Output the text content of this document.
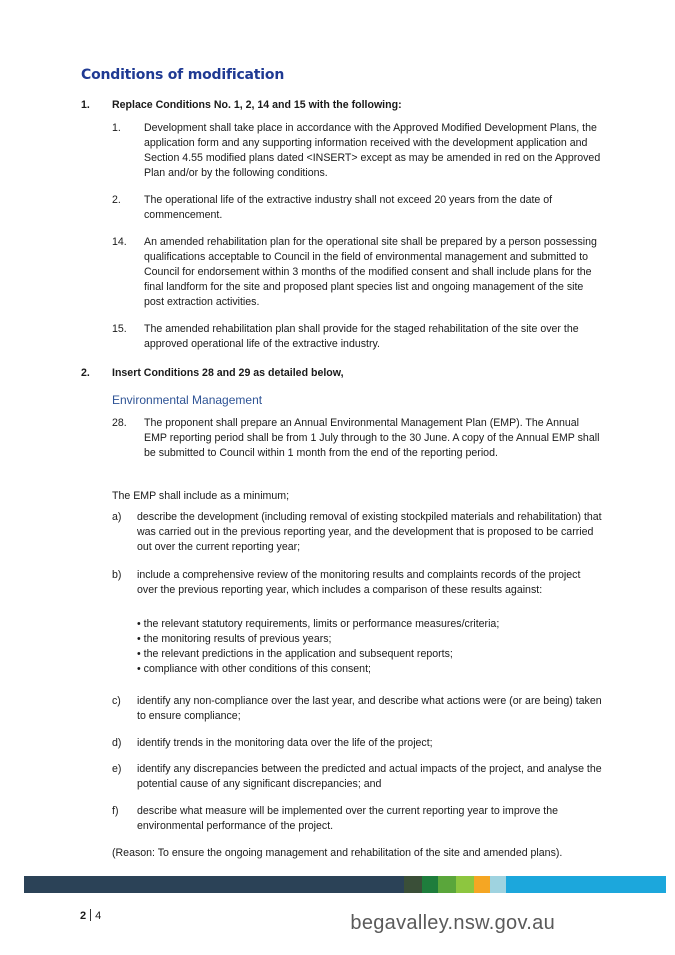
Conditions of modification
1. Replace Conditions No. 1, 2, 14 and 15 with the following:
1. Development shall take place in accordance with the Approved Modified Development Plans, the application form and any supporting information received with the development application and Section 4.55 modified plans dated <INSERT> except as may be amended in red on the Approved Plan and/or by the following conditions.
2. The operational life of the extractive industry shall not exceed 20 years from the date of commencement.
14. An amended rehabilitation plan for the operational site shall be prepared by a person possessing qualifications acceptable to Council in the field of environmental management and submitted to Council for endorsement within 3 months of the modified consent and shall include plans for the final landform for the site and proposed plant species list and ongoing management of the site post extraction activities.
15. The amended rehabilitation plan shall provide for the staged rehabilitation of the site over the approved operational life of the extractive industry.
2. Insert Conditions 28 and 29 as detailed below,
Environmental Management
28. The proponent shall prepare an Annual Environmental Management Plan (EMP). The Annual    EMP reporting period shall be from 1 July through to the 30 June. A copy of the Annual EMP shall be submitted to Council within 1 month from the end of the reporting period.
The EMP shall include as a minimum;
a) describe the development (including removal of existing stockpiled materials and rehabilitation) that was carried out in the previous reporting year, and the development that is proposed to be carried out over the current reporting year;
b) include a comprehensive review of the monitoring results and complaints records of the project over the previous reporting year, which includes a comparison of these results against:
• the relevant statutory requirements, limits or performance measures/criteria;
• the monitoring results of previous years;
• the relevant predictions in the application and subsequent reports;
• compliance with other conditions of this consent;
c) identify any non-compliance over the last year, and describe what actions were (or are being) taken to ensure compliance;
d) identify trends in the monitoring data over the life of the project;
e) identify any discrepancies between the predicted and actual impacts of the project, and analyse the potential cause of any significant discrepancies; and
f) describe what measure will be implemented over the current reporting year to improve the environmental performance of the project.
(Reason: To ensure the ongoing management and rehabilitation of the site and amended plans).
2 4	begavalley.nsw.gov.au
